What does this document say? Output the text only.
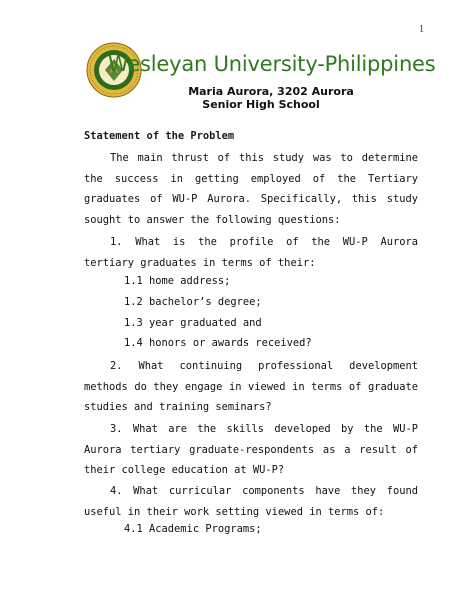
1
Wesleyan University-Philippines
Maria Aurora, 3202 Aurora
Senior High School
Statement of the Problem

The main thrust of this study was to determine the success in getting employed of the Tertiary graduates of WU-P Aurora. Specifically, this study sought to answer the following questions:

1. What is the profile of the WU-P Aurora tertiary graduates in terms of their:

1.1 home address;
1.2 bachelor’s degree;
1.3 year graduated and
1.4 honors or awards received?

2. What continuing professional development methods do they engage in viewed in terms of graduate studies and training seminars?

3. What are the skills developed by the WU-P Aurora tertiary graduate-respondents as a result of their college education at WU-P?

4. What curricular components have they found useful in their work setting viewed in terms of:

4.1 Academic Programs;
